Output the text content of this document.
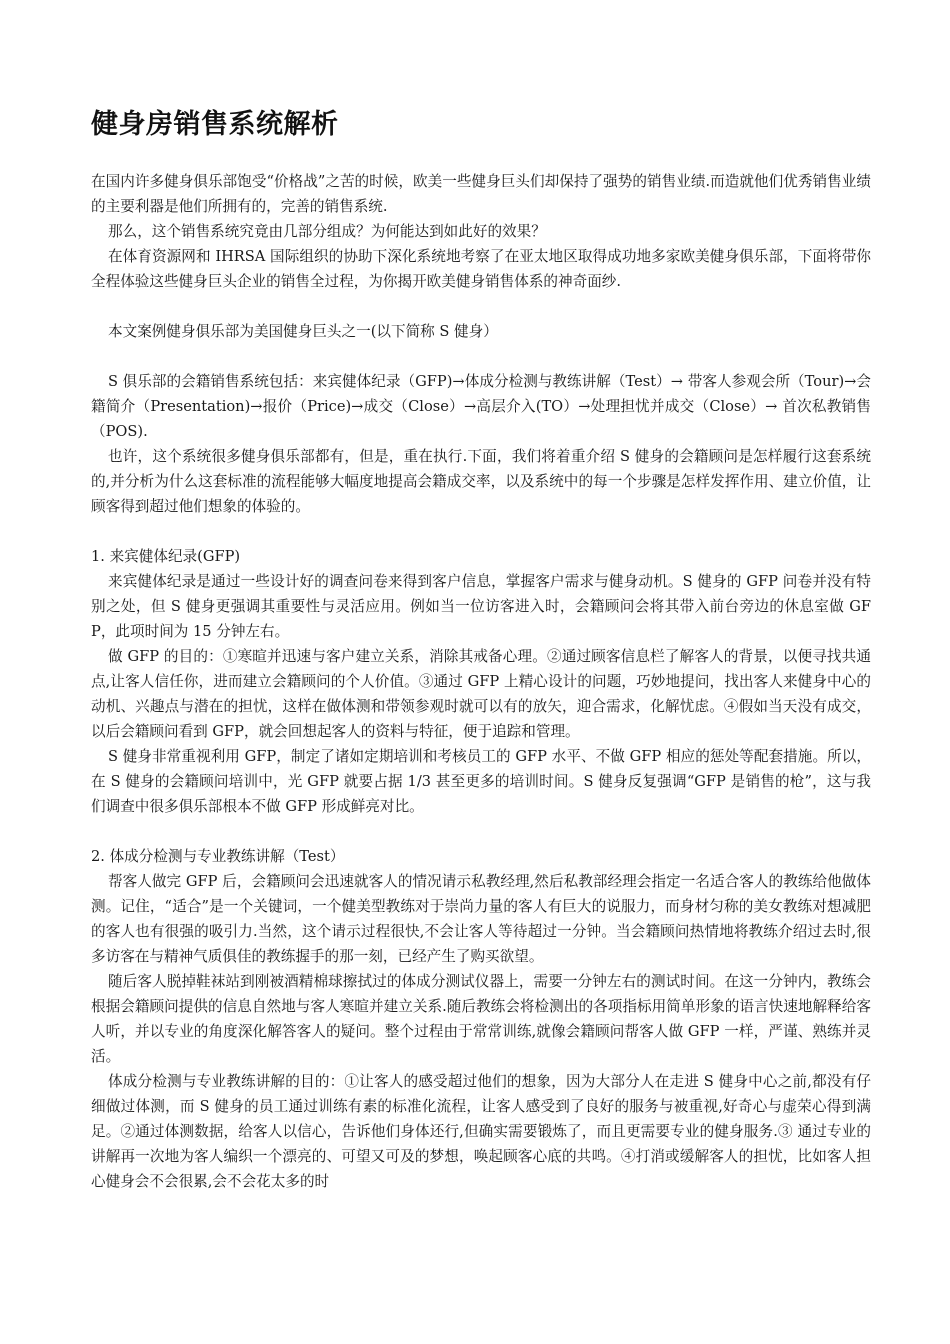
健身房销售系统解析

在国内许多健身俱乐部饱受“价格战”之苦的时候，欧美一些健身巨头们却保持了强势的销售业绩.而造就他们优秀销售业绩的主要利器是他们所拥有的，完善的销售系统.

那么，这个销售系统究竟由几部分组成？为何能达到如此好的效果？

在体育资源网和 IHRSA 国际组织的协助下深化系统地考察了在亚太地区取得成功地多家欧美健身俱乐部，下面将带你全程体验这些健身巨头企业的销售全过程，为你揭开欧美健身销售体系的神奇面纱.

本文案例健身俱乐部为美国健身巨头之一(以下简称 S 健身）

S 俱乐部的会籍销售系统包括：来宾健体纪录（GFP)→体成分检测与教练讲解（Test）→ 带客人参观会所（Tour)→会籍简介（Presentation)→报价（Price)→成交（Close）→高层介入(TO）→处理担忧并成交（Close）→ 首次私教销售（POS).

也许，这个系统很多健身俱乐部都有，但是，重在执行.下面，我们将着重介绍 S 健身的会籍顾问是怎样履行这套系统的,并分析为什么这套标准的流程能够大幅度地提高会籍成交率，以及系统中的每一个步骤是怎样发挥作用、建立价值，让顾客得到超过他们想象的体验的。

1. 来宾健体纪录(GFP)

来宾健体纪录是通过一些设计好的调查问卷来得到客户信息，掌握客户需求与健身动机。S 健身的 GFP 问卷并没有特别之处，但 S 健身更强调其重要性与灵活应用。例如当一位访客进入时，会籍顾问会将其带入前台旁边的休息室做 GFP，此项时间为 15 分钟左右。

做 GFP 的目的：①寒暄并迅速与客户建立关系，消除其戒备心理。②通过顾客信息栏了解客人的背景，以便寻找共通点,让客人信任你，进而建立会籍顾问的个人价值。③通过 GFP 上精心设计的问题，巧妙地提问，找出客人来健身中心的动机、兴趣点与潜在的担忧，这样在做体测和带领参观时就可以有的放矢，迎合需求，化解忧虑。④假如当天没有成交，以后会籍顾问看到 GFP，就会回想起客人的资料与特征，便于追踪和管理。

S 健身非常重视利用 GFP，制定了诸如定期培训和考核员工的 GFP 水平、不做 GFP 相应的惩处等配套措施。所以，在 S 健身的会籍顾问培训中，光 GFP 就要占据 1/3 甚至更多的培训时间。S 健身反复强调“GFP 是销售的枪”，这与我们调查中很多俱乐部根本不做 GFP 形成鲜亮对比。

2. 体成分检测与专业教练讲解（Test）

帮客人做完 GFP 后，会籍顾问会迅速就客人的情况请示私教经理,然后私教部经理会指定一名适合客人的教练给他做体测。记住，“适合”是一个关键词，一个健美型教练对于崇尚力量的客人有巨大的说服力，而身材匀称的美女教练对想减肥的客人也有很强的吸引力.当然，这个请示过程很快,不会让客人等待超过一分钟。当会籍顾问热情地将教练介绍过去时,很多访客在与精神气质俱佳的教练握手的那一刻，已经产生了购买欲望。

随后客人脱掉鞋袜站到刚被酒精棉球擦拭过的体成分测试仪器上，需要一分钟左右的测试时间。在这一分钟内，教练会根据会籍顾问提供的信息自然地与客人寒暄并建立关系.随后教练会将检测出的各项指标用简单形象的语言快速地解释给客人听，并以专业的角度深化解答客人的疑问。整个过程由于常常训练,就像会籍顾问帮客人做 GFP 一样，严谨、熟练并灵活。

体成分检测与专业教练讲解的目的：①让客人的感受超过他们的想象，因为大部分人在走进 S 健身中心之前,都没有仔细做过体测，而 S 健身的员工通过训练有素的标准化流程，让客人感受到了良好的服务与被重视,好奇心与虚荣心得到满足。②通过体测数据，给客人以信心，告诉他们身体还行,但确实需要锻炼了，而且更需要专业的健身服务.③ 通过专业的讲解再一次地为客人编织一个漂亮的、可望又可及的梦想，唤起顾客心底的共鸣。④打消或缓解客人的担忧，比如客人担心健身会不会很累,会不会花太多的时
